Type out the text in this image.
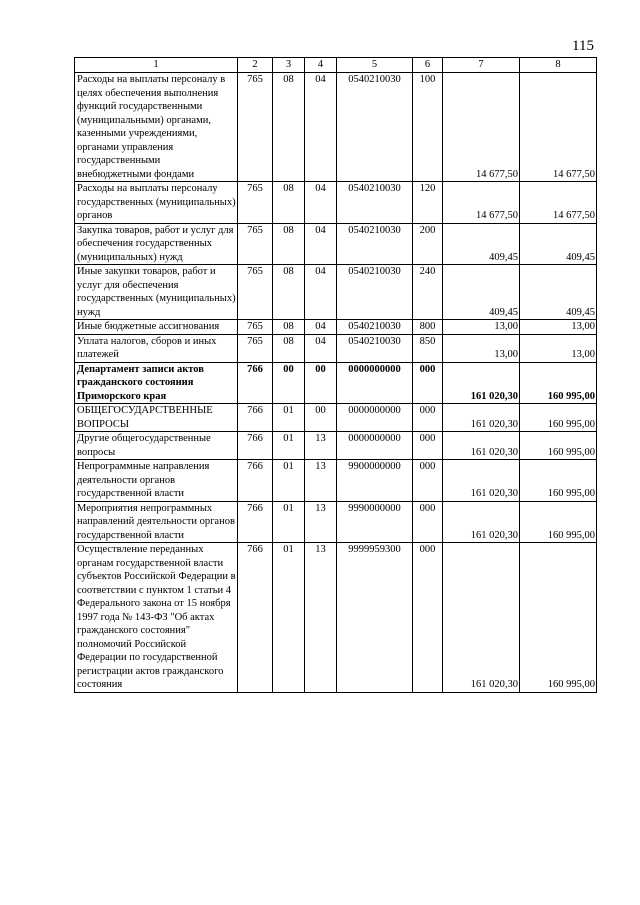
115
1	2	3	4	5	6	7	8
Расходы на выплаты персоналу в целях обеспечения выполнения функций государственными (муниципальными) органами, казенными учреждениями, органами управления государственными внебюджетными фондами	765	08	04	0540210030	100	14 677,50	14 677,50
Расходы на выплаты персоналу государственных (муниципальных) органов	765	08	04	0540210030	120	14 677,50	14 677,50
Закупка товаров, работ и услуг для обеспечения государственных (муниципальных) нужд	765	08	04	0540210030	200	409,45	409,45
Иные закупки товаров, работ и услуг для обеспечения государственных (муниципальных) нужд	765	08	04	0540210030	240	409,45	409,45
Иные бюджетные ассигнования	765	08	04	0540210030	800	13,00	13,00
Уплата налогов, сборов и иных платежей	765	08	04	0540210030	850	13,00	13,00
Департамент записи актов гражданского состояния Приморского края	766	00	00	0000000000	000	161 020,30	160 995,00
ОБЩЕГОСУДАРСТВЕННЫЕ ВОПРОСЫ	766	01	00	0000000000	000	161 020,30	160 995,00
Другие общегосударственные вопросы	766	01	13	0000000000	000	161 020,30	160 995,00
Непрограммные направления деятельности органов государственной власти	766	01	13	9900000000	000	161 020,30	160 995,00
Мероприятия непрограммных направлений деятельности органов государственной власти	766	01	13	9990000000	000	161 020,30	160 995,00
Осуществление переданных органам государственной власти субъектов Российской Федерации в соответствии с пунктом 1 статьи 4 Федерального закона от 15 ноября 1997 года № 143-ФЗ "Об актах гражданского состояния" полномочий Российской Федерации по государственной регистрации актов гражданского состояния	766	01	13	9999959300	000	161 020,30	160 995,00
